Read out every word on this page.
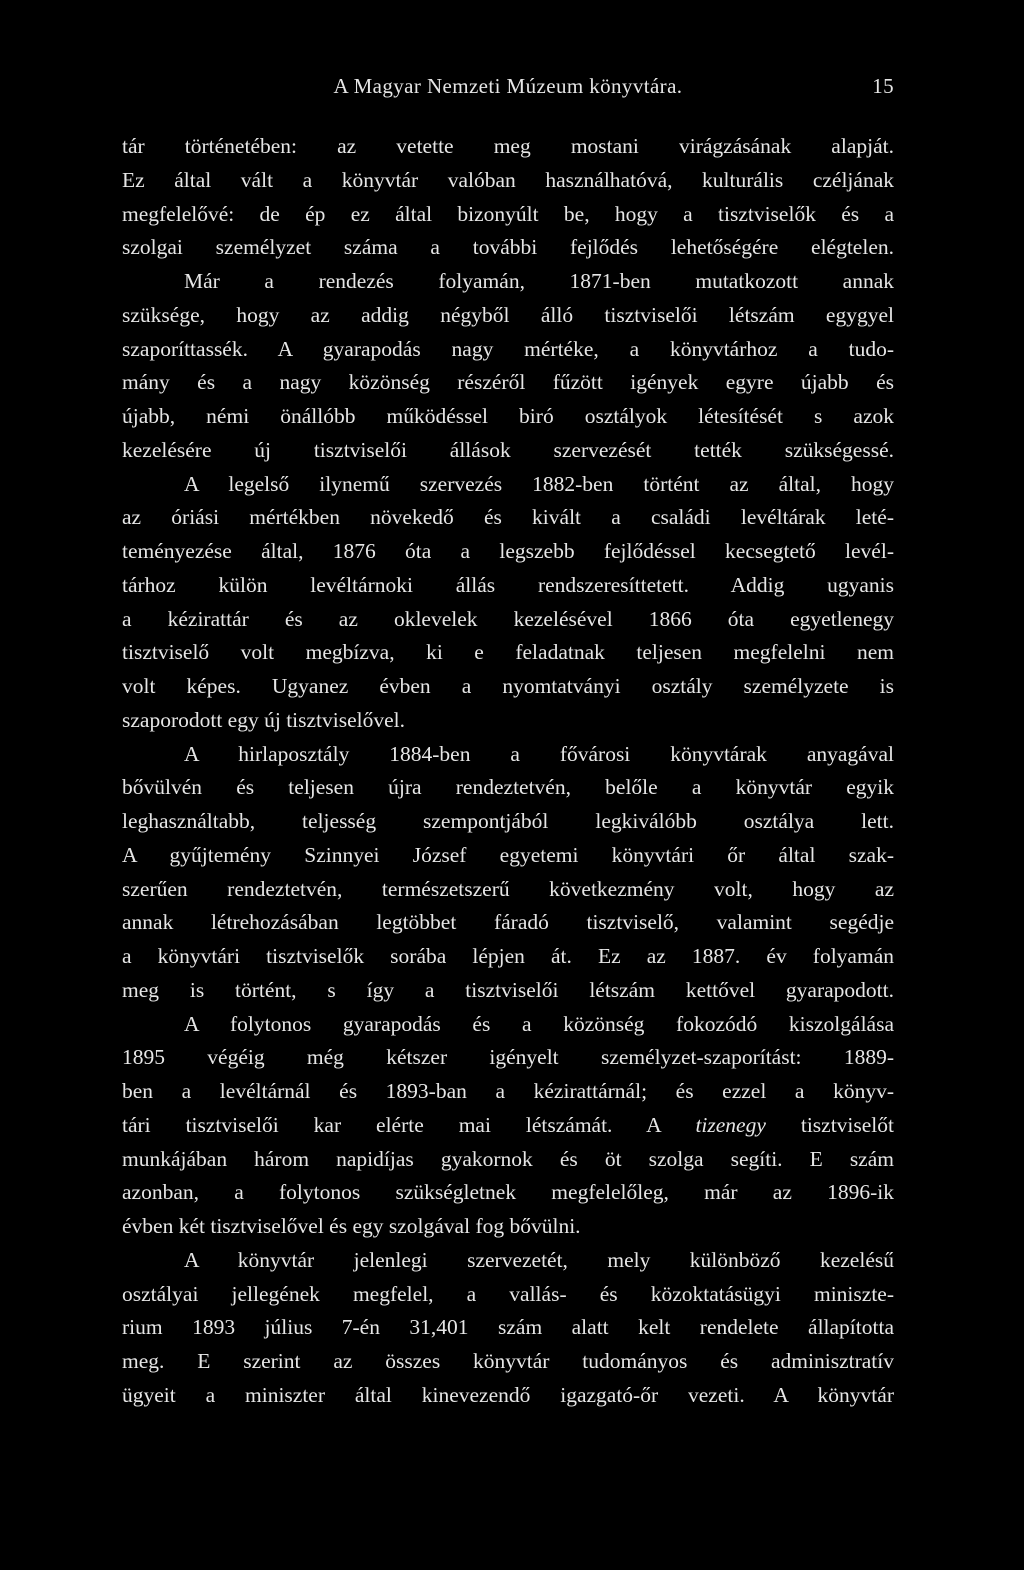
A Magyar Nemzeti Múzeum könyvtára.	15
tár történetében: az vetette meg mostani virágzásának alapját.
Ez által vált a könyvtár valóban használhatóvá, kulturális czéljának
megfelelővé: de ép ez által bizonyúlt be, hogy a tisztviselők és a
szolgai személyzet száma a további fejlődés lehetőségére elégtelen.
Már a rendezés folyamán, 1871-ben mutatkozott annak
szüksége, hogy az addig négyből álló tisztviselői létszám egygyel
szaporíttassék. A gyarapodás nagy mértéke, a könyvtárhoz a tudo-
mány és a nagy közönség részéről fűzött igények egyre újabb és
újabb, némi önállóbb működéssel biró osztályok létesítését s azok
kezelésére új tisztviselői állások szervezését tették szükségessé.
A legelső ilynemű szervezés 1882-ben történt az által, hogy
az óriási mértékben növekedő és kivált a családi levéltárak leté-
teményezése által, 1876 óta a legszebb fejlődéssel kecsegtető levél-
tárhoz külön levéltárnoki állás rendszeresíttetett. Addig ugyanis
a kézirattár és az oklevelek kezelésével 1866 óta egyetlenegy
tisztviselő volt megbízva, ki e feladatnak teljesen megfelelni nem
volt képes. Ugyanez évben a nyomtatványi osztály személyzete is
szaporodott egy új tisztviselővel.
A hirlaposztály 1884-ben a fővárosi könyvtárak anyagával
bővülvén és teljesen újra rendeztetvén, belőle a könyvtár egyik
leghasználtabb, teljesség szempontjából legkiválóbb osztálya lett.
A gyűjtemény Szinnyei József egyetemi könyvtári őr által szak-
szerűen rendeztetvén, természetszerű következmény volt, hogy az
annak létrehozásában legtöbbet fáradó tisztviselő, valamint segédje
a könyvtári tisztviselők sorába lépjen át. Ez az 1887. év folyamán
meg is történt, s így a tisztviselői létszám kettővel gyarapodott.
A folytonos gyarapodás és a közönség fokozódó kiszolgálása
1895 végéig még kétszer igényelt személyzet-szaporítást: 1889-
ben a levéltárnál és 1893-ban a kézirattárnál; és ezzel a könyv-
tári tisztviselői kar elérte mai létszámát. A tizenegy tisztviselőt
munkájában három napidíjas gyakornok és öt szolga segíti. E szám
azonban, a folytonos szükségletnek megfelelőleg, már az 1896-ik
évben két tisztviselővel és egy szolgával fog bővülni.
A könyvtár jelenlegi szervezetét, mely különböző kezelésű
osztályai jellegének megfelel, a vallás- és közoktatásügyi miniszte-
rium 1893 július 7-én 31,401 szám alatt kelt rendelete állapította
meg. E szerint az összes könyvtár tudományos és adminisztratív
ügyeit a miniszter által kinevezendő igazgató-őr vezeti. A könyvtár
